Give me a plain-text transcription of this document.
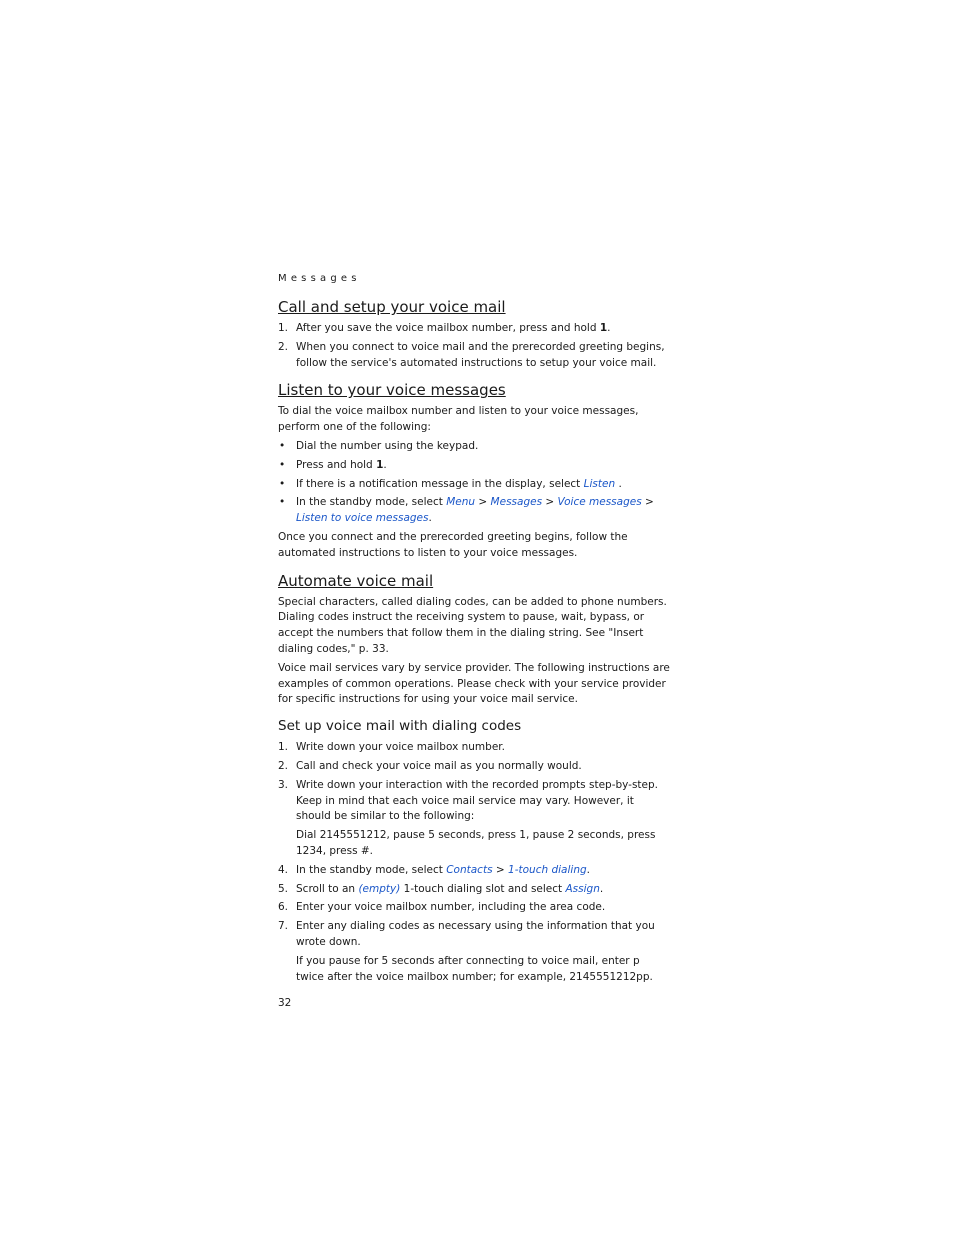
Messages
Call and setup your voice mail
1. After you save the voice mailbox number, press and hold 1.
2. When you connect to voice mail and the prerecorded greeting begins, follow the service's automated instructions to setup your voice mail.
Listen to your voice messages

To dial the voice mailbox number and listen to your voice messages, perform one of the following:

• Dial the number using the keypad.
• Press and hold 1.
• If there is a notification message in the display, select Listen .
• In the standby mode, select Menu > Messages > Voice messages > Listen to voice messages.

Once you connect and the prerecorded greeting begins, follow the automated instructions to listen to your voice messages.

Automate voice mail

Special characters, called dialing codes, can be added to phone numbers. Dialing codes instruct the receiving system to pause, wait, bypass, or accept the numbers that follow them in the dialing string. See "Insert dialing codes," p. 33.

Voice mail services vary by service provider. The following instructions are examples of common operations. Please check with your service provider for specific instructions for using your voice mail service.

Set up voice mail with dialing codes
1. Write down your voice mailbox number.
2. Call and check your voice mail as you normally would.
3. Write down your interaction with the recorded prompts step-by-step. Keep in mind that each voice mail service may vary. However, it should be similar to the following:

Dial 2145551212, pause 5 seconds, press 1, pause 2 seconds, press 1234, press #.

4. In the standby mode, select Contacts > 1-touch dialing.
5. Scroll to an (empty) 1-touch dialing slot and select Assign.
6. Enter your voice mailbox number, including the area code.
7. Enter any dialing codes as necessary using the information that you wrote down.

If you pause for 5 seconds after connecting to voice mail, enter p twice after the voice mailbox number; for example, 2145551212pp.

32
